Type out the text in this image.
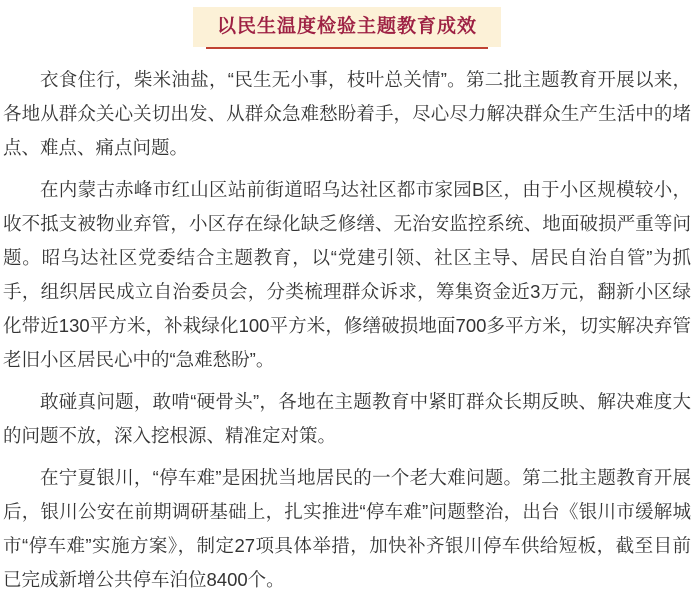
以民生温度检验主题教育成效

衣食住行，柴米油盐，“民生无小事，枝叶总关情”。第二批主题教育开展以来，各地从群众关心关切出发、从群众急难愁盼着手，尽心尽力解决群众生产生活中的堵点、难点、痛点问题。

在内蒙古赤峰市红山区站前街道昭乌达社区都市家园B区，由于小区规模较小，收不抵支被物业弃管，小区存在绿化缺乏修缮、无治安监控系统、地面破损严重等问题。昭乌达社区党委结合主题教育，以“党建引领、社区主导、居民自治自管”为抓手，组织居民成立自治委员会，分类梳理群众诉求，筹集资金近3万元，翻新小区绿化带近130平方米，补栽绿化100平方米，修缮破损地面700多平方米，切实解决弃管老旧小区居民心中的“急难愁盼”。

敢碰真问题，敢啃“硬骨头”，各地在主题教育中紧盯群众长期反映、解决难度大的问题不放，深入挖根源、精准定对策。

在宁夏银川，“停车难”是困扰当地居民的一个老大难问题。第二批主题教育开展后，银川公安在前期调研基础上，扎实推进“停车难”问题整治，出台《银川市缓解城市“停车难”实施方案》，制定27项具体举措，加快补齐银川停车供给短板，截至目前已完成新增公共停车泊位8400个。
